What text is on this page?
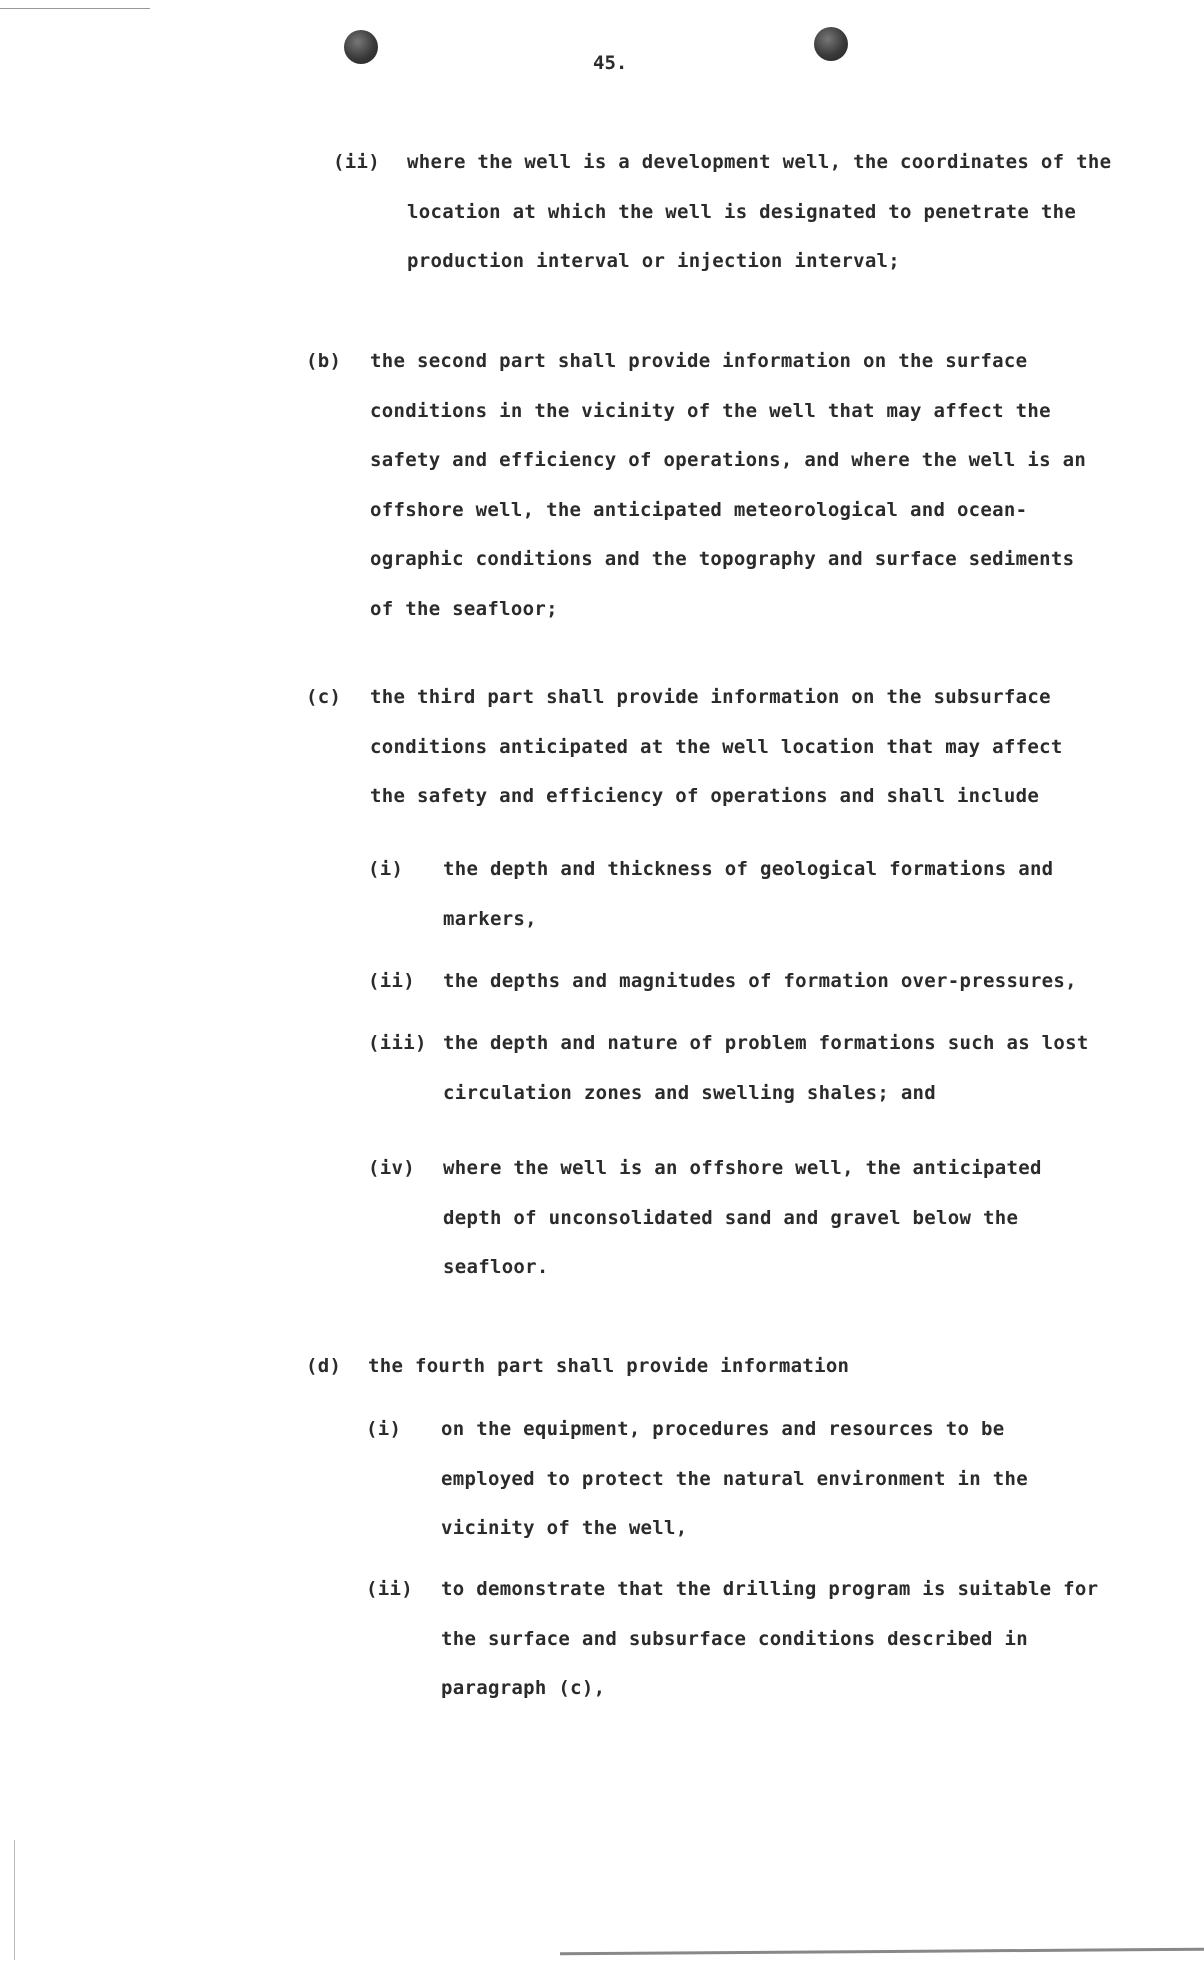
45.
(ii) where the well is a development well, the coordinates of the
location at which the well is designated to penetrate the
production interval or injection interval;
(b) the second part shall provide information on the surface
conditions in the vicinity of the well that may affect the
safety and efficiency of operations, and where the well is an
offshore well, the anticipated meteorological and ocean-
ographic conditions and the topography and surface sediments
of the seafloor;
(c) the third part shall provide information on the subsurface
conditions anticipated at the well location that may affect
the safety and efficiency of operations and shall include
(i) the depth and thickness of geological formations and
markers,
(ii) the depths and magnitudes of formation over-pressures,
(iii) the depth and nature of problem formations such as lost
circulation zones and swelling shales; and
(iv) where the well is an offshore well, the anticipated
depth of unconsolidated sand and gravel below the
seafloor.
(d) the fourth part shall provide information
(i) on the equipment, procedures and resources to be
employed to protect the natural environment in the
vicinity of the well,
(ii) to demonstrate that the drilling program is suitable for
the surface and subsurface conditions described in
paragraph (c),
